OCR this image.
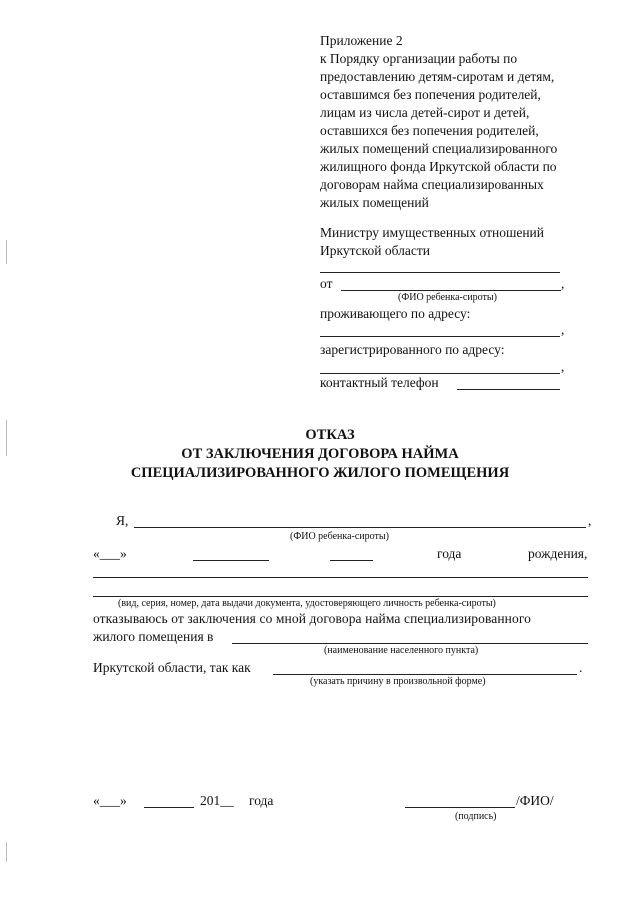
Приложение 2
к Порядку организации работы по
предоставлению детям-сиротам и детям,
оставшимся без попечения родителей,
лицам из числа детей-сирот и детей,
оставшихся без попечения родителей,
жилых помещений специализированного
жилищного фонда Иркутской области по
договорам найма специализированных
жилых помещений
Министру имущественных отношений
Иркутской области
от	,
(ФИО ребенка-сироты)
проживающего по адресу:
,
зарегистрированного по адресу:
,
контактный телефон
ОТКАЗ
ОТ ЗАКЛЮЧЕНИЯ ДОГОВОРА НАЙМА
СПЕЦИАЛИЗИРОВАННОГО ЖИЛОГО ПОМЕЩЕНИЯ
Я,	,
(ФИО ребенка-сироты)
«___»	года	рождения,
(вид, серия, номер, дата выдачи документа, удостоверяющего личность ребенка-сироты)
отказываюсь от заключения со мной договора найма специализированного
жилого помещения в
(наименование населенного пункта)
Иркутской области, так как	.
(указать причину в произвольной форме)
«___»	201__ года	/ФИО/
(подпись)
